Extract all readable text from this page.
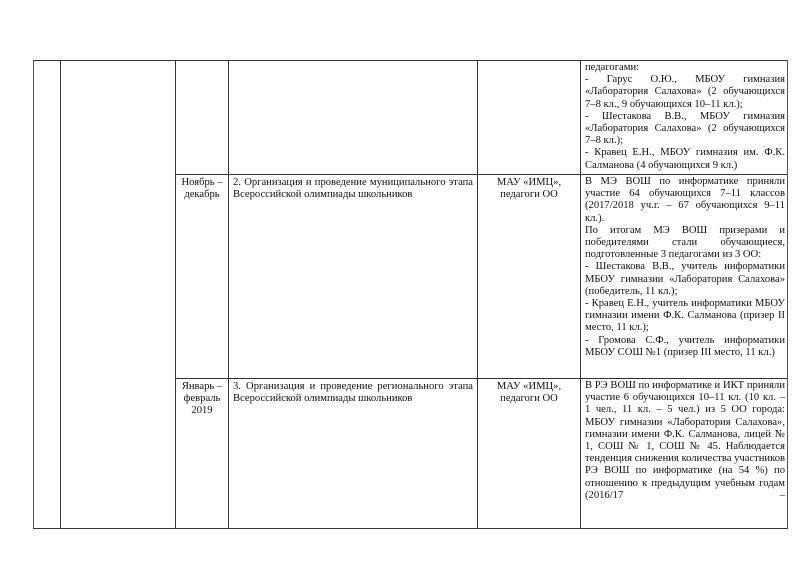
педагогами:

- Гарус О.Ю., МБОУ гимназия «Лаборатория Салахова» (2 обучающихся 7–8 кл., 9 обучающихся 10–11 кл.);

- Шестакова В.В., МБОУ гимназия «Лаборатория Салахова» (2 обучающихся 7–8 кл.);

- Кравец Е.Н., МБОУ гимназия им. Ф.К. Салманова (4 обучающихся 9 кл.)

Ноябрь – декабрь
2. Организация и проведение муниципального этапа Всероссийской олимпиады школьников
МАУ «ИМЦ», педагоги ОО

В МЭ ВОШ по информатике приняли участие 64 обучающихся 7–11 классов (2017/2018 уч.г. – 67 обучающихся 9–11 кл.).

По итогам МЭ ВОШ призерами и победителями стали обучающиеся, подготовленные 3 педагогами из 3 ОО:

- Шестакова В.В., учитель информатики МБОУ гимназии «Лаборатория Салахова» (победитель, 11 кл.);

- Кравец Е.Н., учитель информатики МБОУ гимназии имени Ф.К. Салманова (призер II место, 11 кл.);

- Громова С.Ф., учитель информатики МБОУ СОШ №1 (призер III место, 11 кл.)

Январь – февраль 2019
3. Организация и проведение регионального этапа Всероссийской олимпиады школьников
МАУ «ИМЦ», педагоги ОО

В РЭ ВОШ по информатике и ИКТ приняли участие 6 обучающихся 10–11 кл. (10 кл. – 1 чел., 11 кл. – 5 чел.) из 5 ОО города: МБОУ гимназии «Лаборатория Салахова», гимназии имени Ф.К. Салманова, лицей № 1, СОШ № 1, СОШ № 45. Наблюдается тенденция снижения количества участников РЭ ВОШ по информатике (на 54 %) по отношению к предыдущим учебным годам (2016/17 –
